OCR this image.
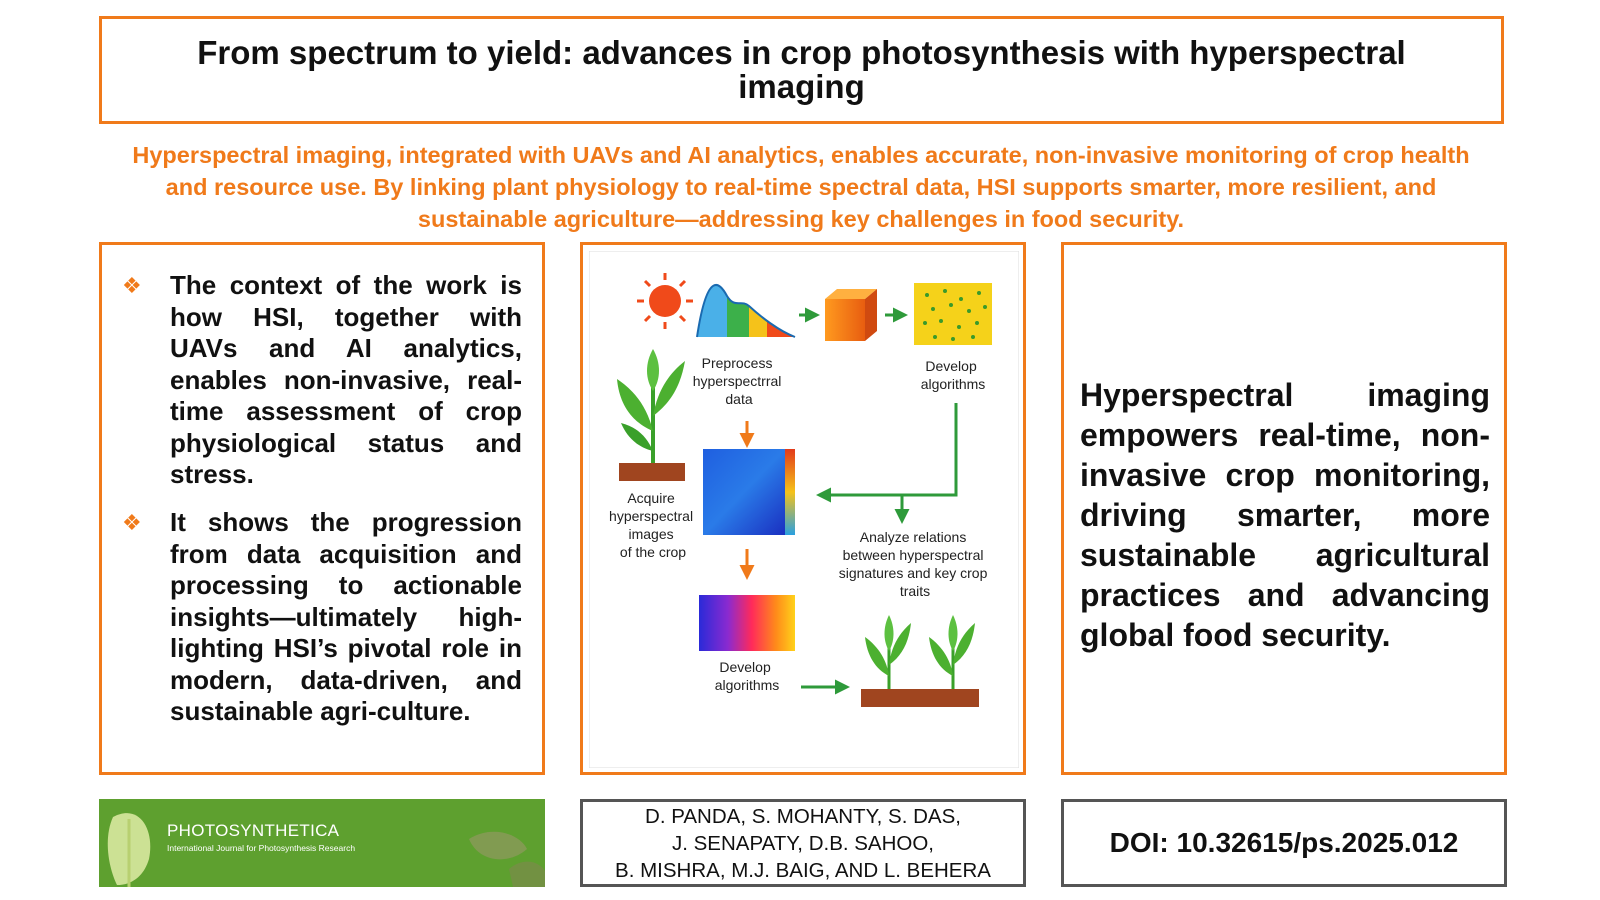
From spectrum to yield: advances in crop photosynthesis with hyperspectral imaging

Hyperspectral imaging, integrated with UAVs and AI analytics, enables accurate, non-invasive monitoring of crop health and resource use. By linking plant physiology to real-time spectral data, HSI supports smarter, more resilient, and sustainable agriculture—addressing key challenges in food security.

❖ The context of the work is how HSI, together with UAVs and AI analytics, enables non-invasive, real-time assessment of crop physiological status and stress.
❖ It shows the progression from data acquisition and processing to actionable insights—ultimately high-lighting HSI’s pivotal role in modern, data-driven, and sustainable agri-culture.
Preprocess hyperspectrral data
Develop algorithms
Acquire hyperspectral images of the crop
Analyze relations between hyperspectral signatures and key crop traits
Develop algorithms

Hyperspectral imaging empowers real-time, non-invasive crop monitoring, driving smarter, more sustainable agricultural practices and advancing global food security.

PHOTOSYNTHETICA
International Journal for Photosynthesis Research
D. PANDA, S. MOHANTY, S. DAS,
J. SENAPATY, D.B. SAHOO,
B. MISHRA, M.J. BAIG, AND L. BEHERA
DOI: 10.32615/ps.2025.012
